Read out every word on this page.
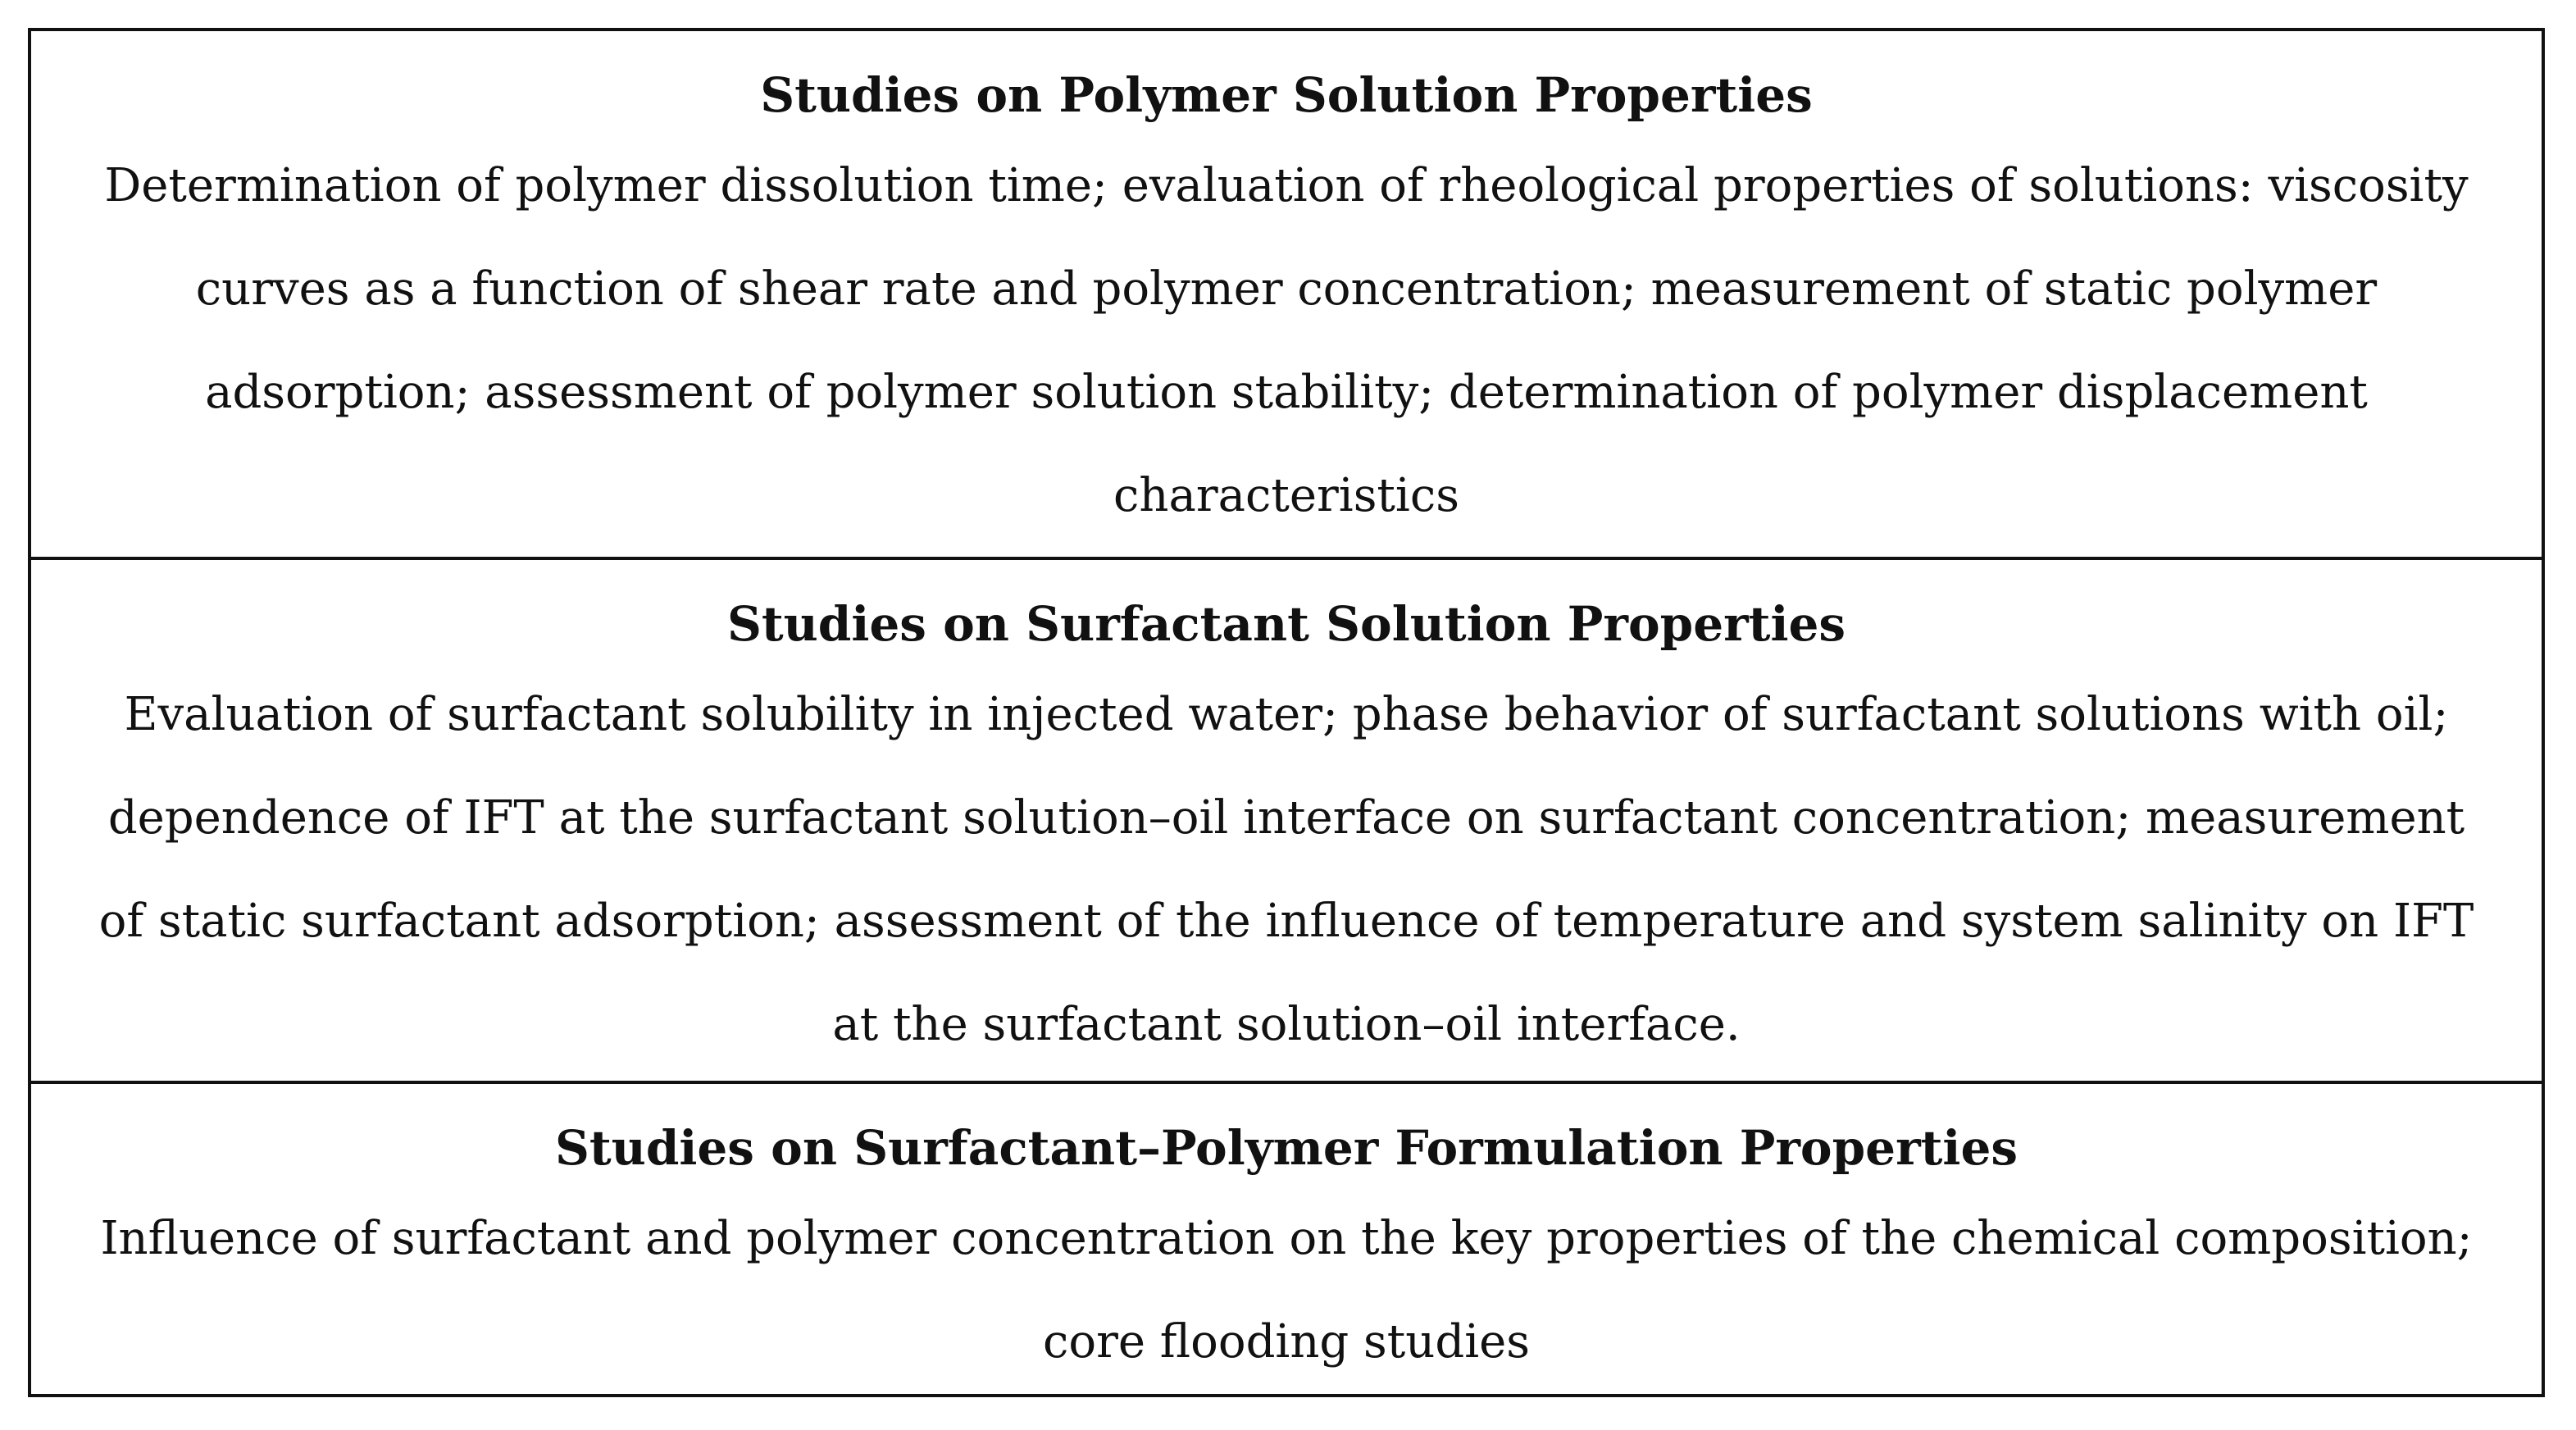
Studies on Polymer Solution Properties

Determination of polymer dissolution time; evaluation of rheological properties of solutions: viscosity curves as a function of shear rate and polymer concentration; measurement of static polymer adsorption; assessment of polymer solution stability; determination of polymer displacement characteristics

Studies on Surfactant Solution Properties

Evaluation of surfactant solubility in injected water; phase behavior of surfactant solutions with oil; dependence of IFT at the surfactant solution–oil interface on surfactant concentration; measurement of static surfactant adsorption; assessment of the influence of temperature and system salinity on IFT at the surfactant solution–oil interface.

Studies on Surfactant–Polymer Formulation Properties

Influence of surfactant and polymer concentration on the key properties of the chemical composition; core flooding studies
